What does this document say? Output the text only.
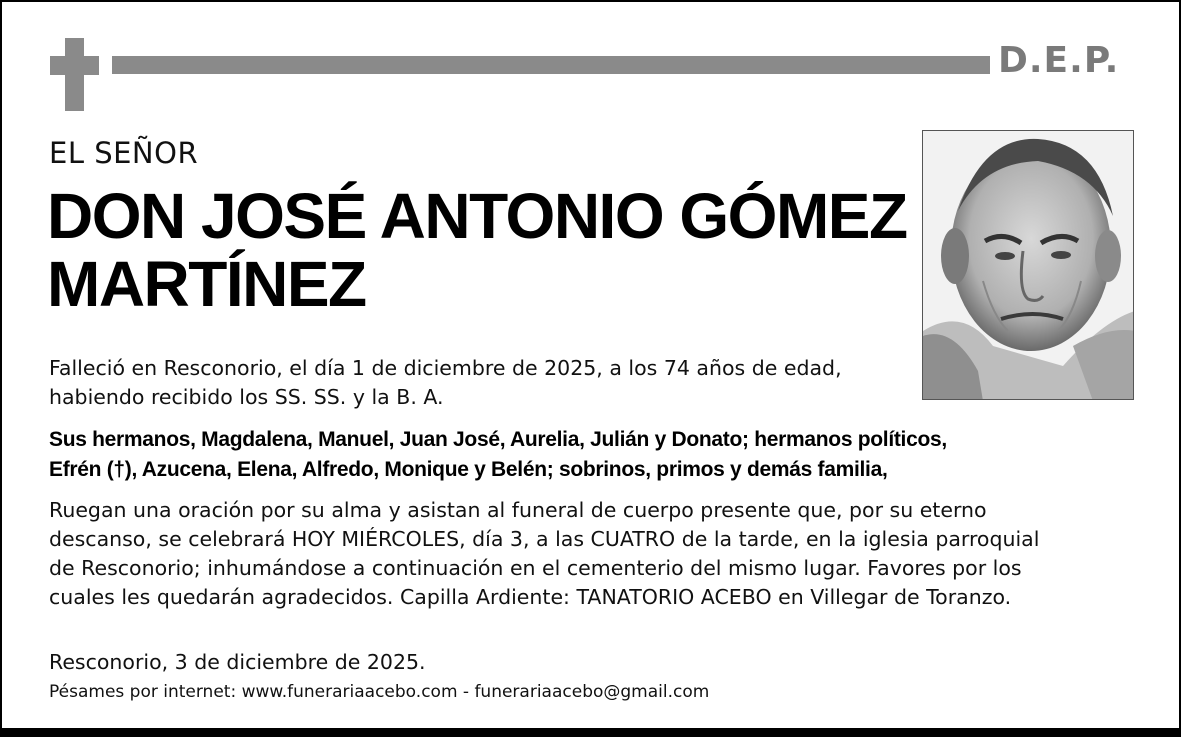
D.E.P.
EL SEÑOR
DON JOSÉ ANTONIO GÓMEZ
MARTÍNEZ
Falleció en Resconorio, el día 1 de diciembre de 2025, a los 74 años de edad,
habiendo recibido los SS. SS. y la B. A.
Sus hermanos, Magdalena, Manuel, Juan José, Aurelia, Julián y Donato; hermanos políticos,
Efrén (†), Azucena, Elena, Alfredo, Monique y Belén; sobrinos, primos y demás familia,
Ruegan una oración por su alma y asistan al funeral de cuerpo presente que, por su eterno
descanso, se celebrará HOY MIÉRCOLES, día 3, a las CUATRO de la tarde, en la iglesia parroquial
de Resconorio; inhumándose a continuación en el cementerio del mismo lugar. Favores por los
cuales les quedarán agradecidos. Capilla Ardiente: TANATORIO ACEBO en Villegar de Toranzo.
Resconorio, 3 de diciembre de 2025.
Pésames por internet: www.funerariaacebo.com - funerariaacebo@gmail.com
